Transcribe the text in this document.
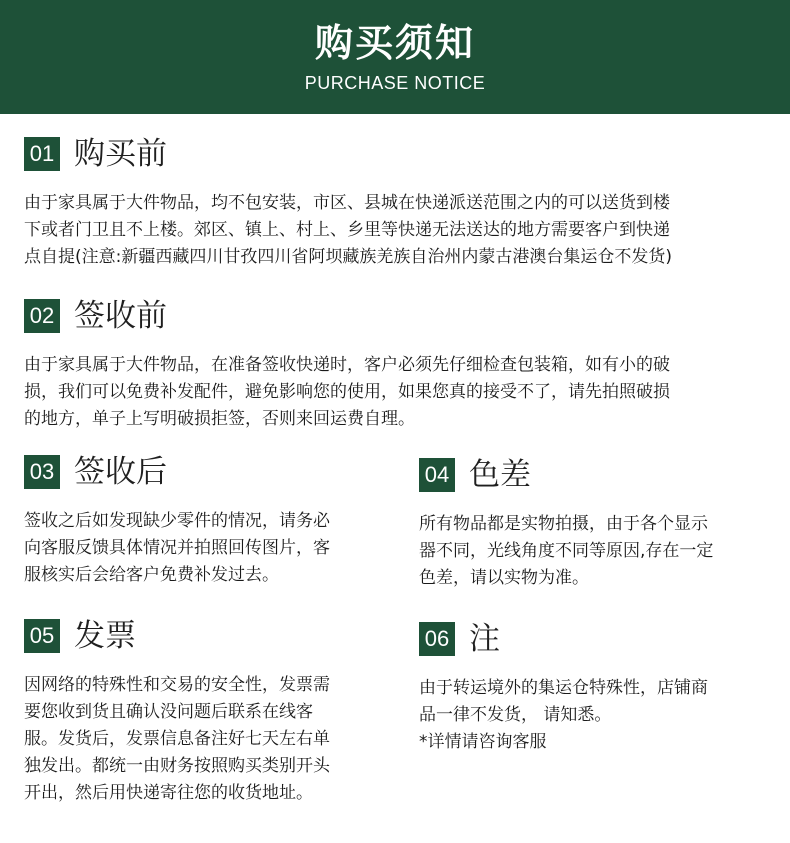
购买须知
PURCHASE NOTICE
01 购买前

由于家具属于大件物品，均不包安装，市区、县城在快递派送范围之内的可以送货到楼

下或者门卫且不上楼。郊区、镇上、村上、乡里等快递无法送达的地方需要客户到快递

点自提(注意:新疆西藏四川甘孜四川省阿坝藏族羌族自治州内蒙古港澳台集运仓不发货)

02 签收前

由于家具属于大件物品，在准备签收快递时，客户必须先仔细检查包装箱，如有小的破

损，我们可以免费补发配件，避免影响您的使用，如果您真的接受不了，请先拍照破损

的地方，单子上写明破损拒签，否则来回运费自理。

03 签收后

签收之后如发现缺少零件的情况，请务必

向客服反馈具体情况并拍照回传图片，客

服核实后会给客户免费补发过去。

04 色差

所有物品都是实物拍摄，由于各个显示

器不同，光线角度不同等原因,存在一定

色差，请以实物为准。

05 发票

因网络的特殊性和交易的安全性，发票需

要您收到货且确认没问题后联系在线客

服。发货后，发票信息备注好七天左右单

独发出。都统一由财务按照购买类别开头

开出，然后用快递寄往您的收货地址。

06 注

由于转运境外的集运仓特殊性，店铺商

品一律不发货， 请知悉。

*详情请咨询客服
